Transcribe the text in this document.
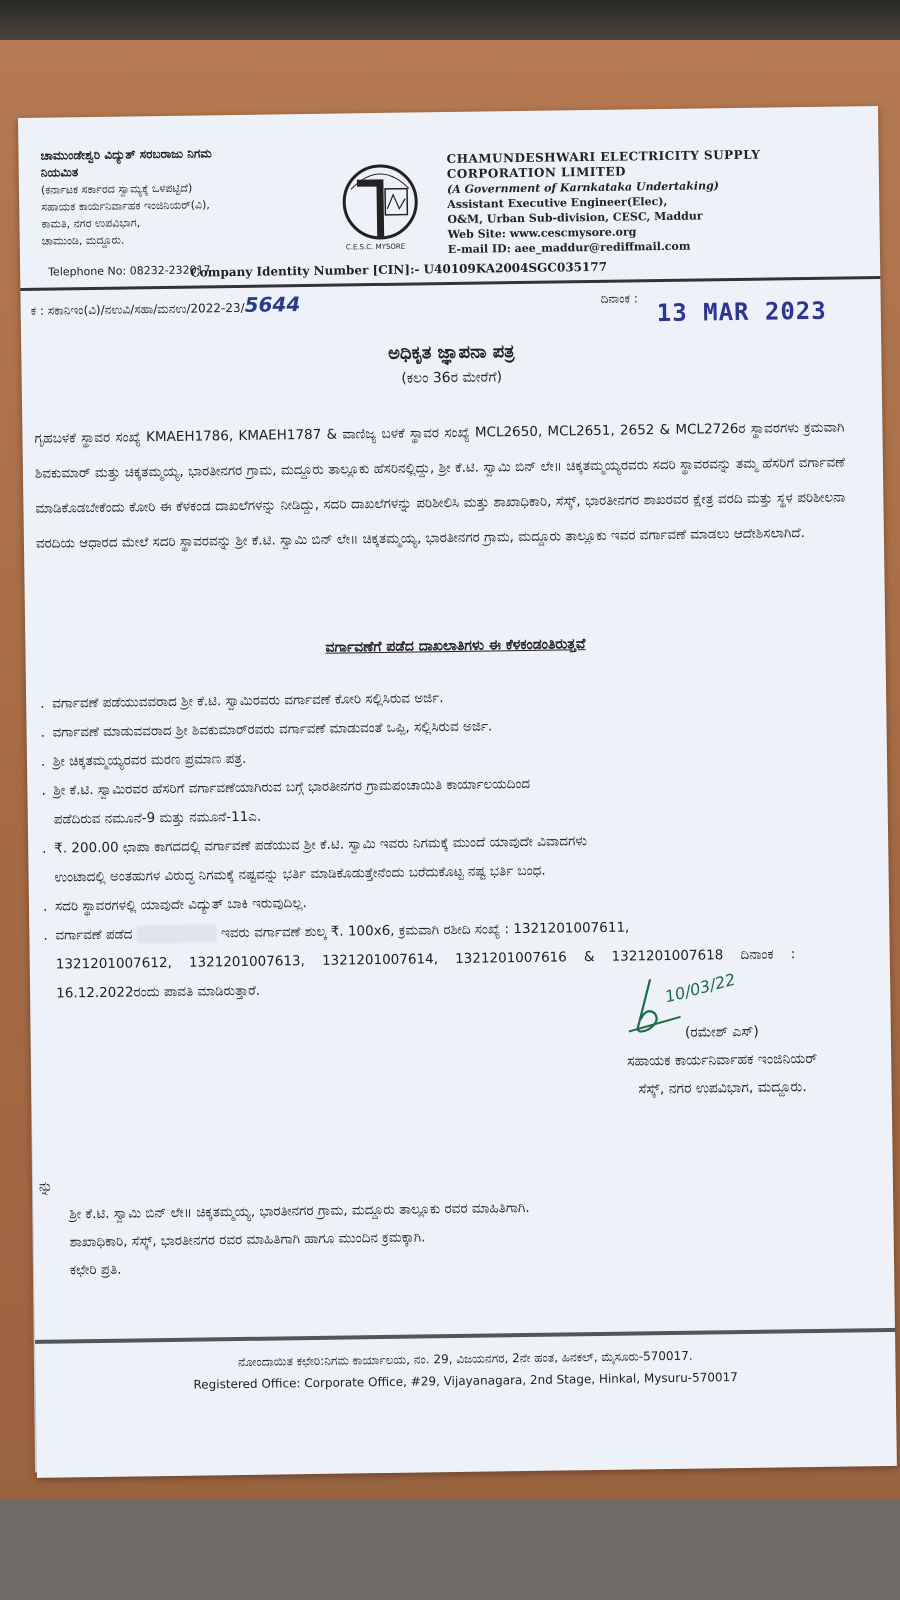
ಚಾಮುಂಡೇಶ್ವರಿ ವಿದ್ಯುತ್ ಸರಬರಾಜು ನಿಗಮ
ನಿಯಮಿತ
(ಕರ್ನಾಟಕ ಸರ್ಕಾರದ ಸ್ವಾಮ್ಯಕ್ಕೆ ಒಳಪಟ್ಟಿದೆ)
ಸಹಾಯಕ ಕಾರ್ಯನಿರ್ವಾಹಕ ಇಂಜಿನಿಯರ್(ವಿ),
ಕಾಮತಿ, ನಗರ ಉಪವಿಭಾಗ,
ಚಾಮುಂಡಿ, ಮದ್ದೂರು.	C.E.S.C. MYSORE
CHAMUNDESHWARI ELECTRICITY SUPPLY
CORPORATION LIMITED
(A Government of Karnkataka Undertaking)
Assistant Executive Engineer(Elec),
O&M, Urban Sub-division, CESC, Maddur
Web Site: www.cescmysore.org
E-mail ID: aee_maddur@rediffmail.com
Telephone No: 08232-232017
Company Identity Number [CIN]:- U40109KA2004SGC035177
ಕ : ಸಕಾನಿಇಂ(ವಿ)/ನಉವಿ/ಸಹಾ/ಮನಉ/2022-23/5644	ದಿನಾಂಕ : 13 MAR 2023
ಅಧಿಕೃತ ಜ್ಞಾಪನಾ ಪತ್ರ
(ಕಲಂ 36ರ ಮೇರೆಗೆ)
ಗೃಹಬಳಕೆ ಸ್ಥಾವರ ಸಂಖ್ಯೆ KMAEH1786, KMAEH1787 & ವಾಣಿಜ್ಯ ಬಳಕೆ ಸ್ಥಾವರ ಸಂಖ್ಯೆ MCL2650, MCL2651, 2652 & MCL2726ರ ಸ್ಥಾವರಗಳು ಕ್ರಮವಾಗಿ ಶಿವಕುಮಾರ್ ಮತ್ತು ಚಿಕ್ಕತಮ್ಮಯ್ಯ, ಭಾರತೀನಗರ ಗ್ರಾಮ, ಮದ್ದೂರು ತಾಲ್ಲೂಕು ಹೆಸರಿನಲ್ಲಿದ್ದು, ಶ್ರೀ ಕೆ.ಟಿ. ಸ್ವಾಮಿ ಬಿನ್ ಲೇ॥ ಚಿಕ್ಕತಮ್ಮಯ್ಯರವರು ಸದರಿ ಸ್ಥಾವರವನ್ನು ತಮ್ಮ ಹೆಸರಿಗೆ ವರ್ಗಾವಣೆ ಮಾಡಿಕೊಡಬೇಕೆಂದು ಕೋರಿ ಈ ಕೆಳಕಂಡ ದಾಖಲೆಗಳನ್ನು ನೀಡಿದ್ದು, ಸದರಿ ದಾಖಲೆಗಳನ್ನು ಪರಿಶೀಲಿಸಿ ಮತ್ತು ಶಾಖಾಧಿಕಾರಿ, ಸೆಸ್ಕ್, ಭಾರತೀನಗರ ಶಾಖರವರ ಕ್ಷೇತ್ರ ವರದಿ ಮತ್ತು ಸ್ಥಳ ಪರಿಶೀಲನಾ ವರದಿಯ ಆಧಾರದ ಮೇಲೆ ಸದರಿ ಸ್ಥಾವರವನ್ನು ಶ್ರೀ ಕೆ.ಟಿ. ಸ್ವಾಮಿ ಬಿನ್ ಲೇ॥ ಚಿಕ್ಕತಮ್ಮಯ್ಯ, ಭಾರತೀನಗರ ಗ್ರಾಮ, ಮದ್ದೂರು ತಾಲ್ಲೂಕು ಇವರ ವರ್ಗಾವಣೆ ಮಾಡಲು ಆದೇಶಿಸಲಾಗಿದೆ.
ವರ್ಗಾವಣೆಗೆ ಪಡೆದ ದಾಖಲಾತಿಗಳು ಈ ಕೆಳಕಂಡಂತಿರುತ್ತವೆ
. ವರ್ಗಾವಣೆ ಪಡೆಯುವವರಾದ ಶ್ರೀ ಕೆ.ಟಿ. ಸ್ವಾಮಿರವರು ವರ್ಗಾವಣೆ ಕೋರಿ ಸಲ್ಲಿಸಿರುವ ಅರ್ಜಿ.
. ವರ್ಗಾವಣೆ ಮಾಡುವವರಾದ ಶ್ರೀ ಶಿವಕುಮಾರ್‌ರವರು ವರ್ಗಾವಣೆ ಮಾಡುವಂತೆ ಒಪ್ಪಿ, ಸಲ್ಲಿಸಿರುವ ಅರ್ಜಿ.
. ಶ್ರೀ ಚಿಕ್ಕತಮ್ಮಯ್ಯರವರ ಮರಣ ಪ್ರಮಾಣ ಪತ್ರ.
. ಶ್ರೀ ಕೆ.ಟಿ. ಸ್ವಾಮಿರವರ ಹೆಸರಿಗೆ ವರ್ಗಾವಣೆಯಾಗಿರುವ ಬಗ್ಗೆ ಭಾರತೀನಗರ ಗ್ರಾಮಪಂಚಾಯಿತಿ ಕಾರ್ಯಾಲಯದಿಂದ
ಪಡೆದಿರುವ ನಮೂನೆ-9 ಮತ್ತು ನಮೂನೆ-11ಎ.
. ₹. 200.00 ಛಾಪಾ ಕಾಗದದಲ್ಲಿ ವರ್ಗಾವಣೆ ಪಡೆಯುವ ಶ್ರೀ ಕೆ.ಟಿ. ಸ್ವಾಮಿ ಇವರು ನಿಗಮಕ್ಕೆ ಮುಂದೆ ಯಾವುದೇ ವಿವಾದಗಳು
ಉಂಟಾದಲ್ಲಿ ಅಂತಹುಗಳ ವಿರುದ್ಧ ನಿಗಮಕ್ಕೆ ನಷ್ಟವನ್ನು ಭರ್ತಿ ಮಾಡಿಕೊಡುತ್ತೇನೆಂದು ಬರೆದುಕೊಟ್ಟ ನಷ್ಟ ಭರ್ತಿ ಬಂಧ.
. ಸದರಿ ಸ್ಥಾವರಗಳಲ್ಲಿ ಯಾವುದೇ ವಿದ್ಯುತ್ ಬಾಕಿ ಇರುವುದಿಲ್ಲ.
. ವರ್ಗಾವಣೆ ಪಡೆದ	ಇವರು ವರ್ಗಾವಣೆ ಶುಲ್ಕ ₹. 100x6, ಕ್ರಮವಾಗಿ ರಶೀದಿ ಸಂಖ್ಯೆ : 1321201007611,
1321201007612,    1321201007613,    1321201007614,    1321201007616    &    1321201007618    ದಿನಾಂಕ    :
16.12.2022ರಂದು ಪಾವತಿ ಮಾಡಿರುತ್ತಾರೆ.	10/03/22
(ರಮೇಶ್ ಎಸ್)
ಸಹಾಯಕ ಕಾರ್ಯನಿರ್ವಾಹಕ ಇಂಜಿನಿಯರ್
ಸೆಸ್ಕ್, ನಗರ ಉಪವಿಭಾಗ, ಮದ್ದೂರು.
ನ್ನು
ಶ್ರೀ ಕೆ.ಟಿ. ಸ್ವಾಮಿ ಬಿನ್ ಲೇ॥ ಚಿಕ್ಕತಮ್ಮಯ್ಯ, ಭಾರತೀನಗರ ಗ್ರಾಮ, ಮದ್ದೂರು ತಾಲ್ಲೂಕು ರವರ ಮಾಹಿತಿಗಾಗಿ.
ಶಾಖಾಧಿಕಾರಿ, ಸೆಸ್ಕ್, ಭಾರತೀನಗರ ರವರ ಮಾಹಿತಿಗಾಗಿ ಹಾಗೂ ಮುಂದಿನ ಕ್ರಮಕ್ಕಾಗಿ.
ಕಛೇರಿ ಪ್ರತಿ.
ನೋಂದಾಯಿತ ಕಛೇರಿ:ನಿಗಮ ಕಾರ್ಯಾಲಯ, ನಂ. 29, ವಿಜಯನಗರ, 2ನೇ ಹಂತ, ಹಿನಕಲ್, ಮೈಸೂರು-570017.
Registered Office: Corporate Office, #29, Vijayanagara, 2nd Stage, Hinkal, Mysuru-570017
